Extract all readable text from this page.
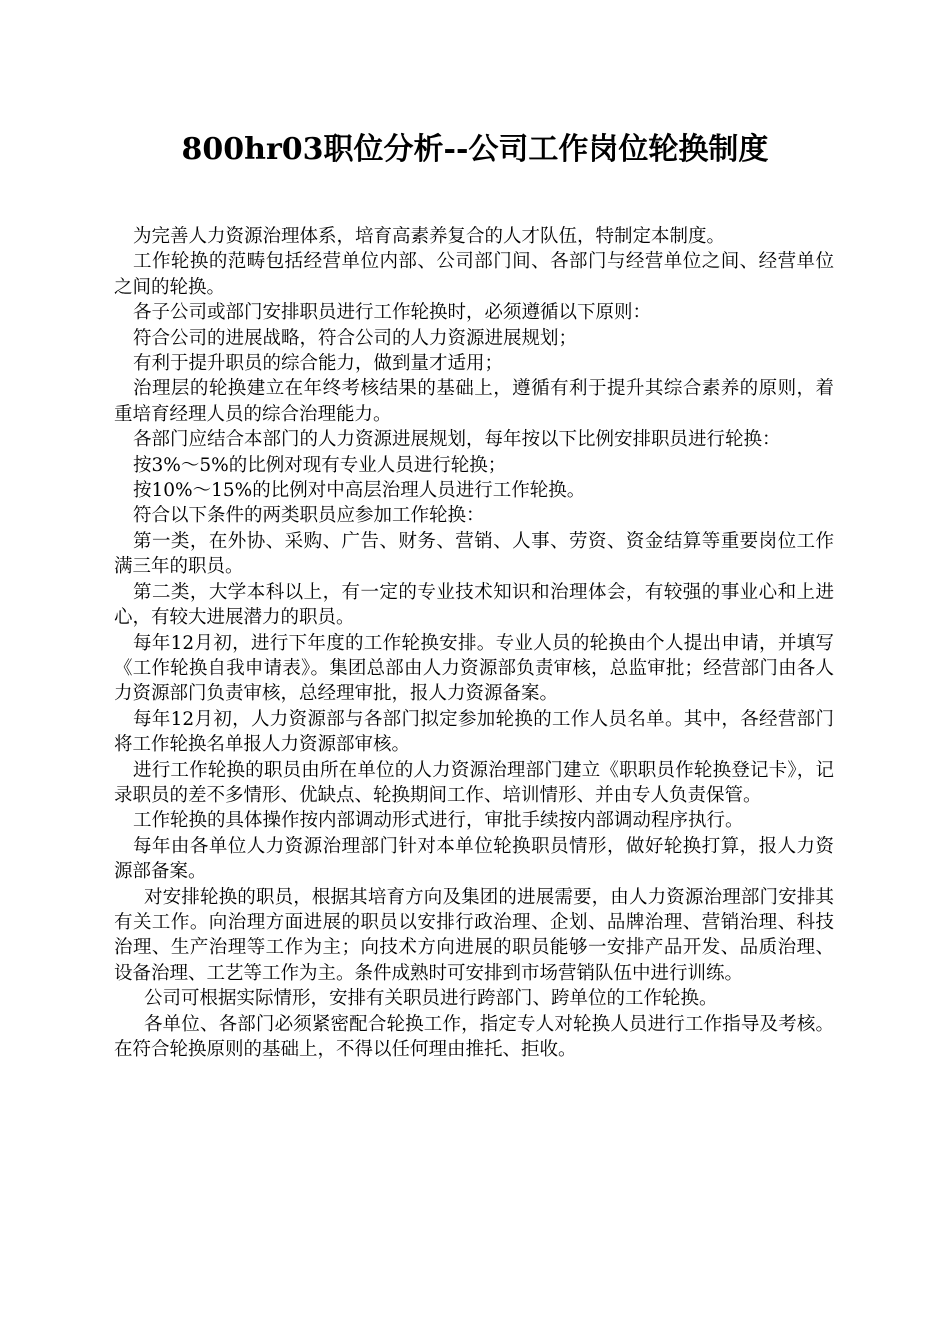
800hr03职位分析--公司工作岗位轮换制度

为完善人力资源治理体系，培育高素养复合的人才队伍，特制定本制度。

工作轮换的范畴包括经营单位内部、公司部门间、各部门与经营单位之间、经营单位之间的轮换。

各子公司或部门安排职员进行工作轮换时，必须遵循以下原则：

符合公司的进展战略，符合公司的人力资源进展规划；

有利于提升职员的综合能力，做到量才适用；

治理层的轮换建立在年终考核结果的基础上，遵循有利于提升其综合素养的原则，着重培育经理人员的综合治理能力。

各部门应结合本部门的人力资源进展规划，每年按以下比例安排职员进行轮换：

按3%～5%的比例对现有专业人员进行轮换；

按10%～15%的比例对中高层治理人员进行工作轮换。

符合以下条件的两类职员应参加工作轮换：

第一类，在外协、采购、广告、财务、营销、人事、劳资、资金结算等重要岗位工作满三年的职员。

第二类，大学本科以上，有一定的专业技术知识和治理体会，有较强的事业心和上进心，有较大进展潜力的职员。

每年12月初，进行下年度的工作轮换安排。专业人员的轮换由个人提出申请，并填写《工作轮换自我申请表》。集团总部由人力资源部负责审核，总监审批；经营部门由各人力资源部门负责审核，总经理审批，报人力资源备案。

每年12月初，人力资源部与各部门拟定参加轮换的工作人员名单。其中，各经营部门将工作轮换名单报人力资源部审核。

进行工作轮换的职员由所在单位的人力资源治理部门建立《职职员作轮换登记卡》，记录职员的差不多情形、优缺点、轮换期间工作、培训情形、并由专人负责保管。

工作轮换的具体操作按内部调动形式进行，审批手续按内部调动程序执行。

每年由各单位人力资源治理部门针对本单位轮换职员情形，做好轮换打算，报人力资源部备案。

对安排轮换的职员，根据其培育方向及集团的进展需要，由人力资源治理部门安排其有关工作。向治理方面进展的职员以安排行政治理、企划、品牌治理、营销治理、科技治理、生产治理等工作为主；向技术方向进展的职员能够一安排产品开发、品质治理、设备治理、工艺等工作为主。条件成熟时可安排到市场营销队伍中进行训练。

公司可根据实际情形，安排有关职员进行跨部门、跨单位的工作轮换。

各单位、各部门必须紧密配合轮换工作，指定专人对轮换人员进行工作指导及考核。在符合轮换原则的基础上，不得以任何理由推托、拒收。
